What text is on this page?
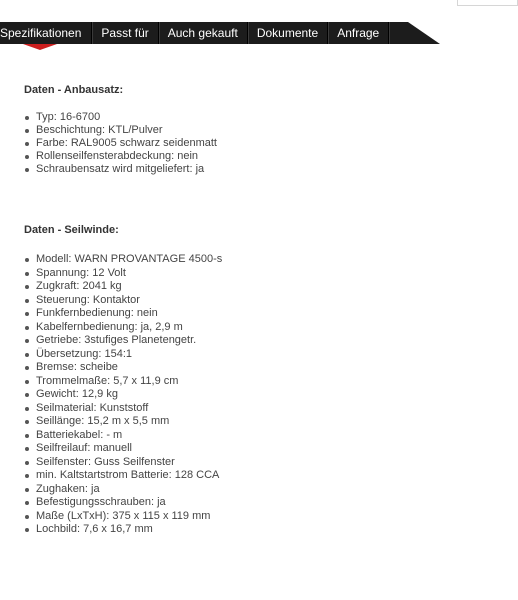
Spezifikationen	Passt für	Auch gekauft	Dokumente	Anfrage
Daten - Anbausatz:
Typ: 16-6700
Beschichtung: KTL/Pulver
Farbe: RAL9005 schwarz seidenmatt
Rollenseilfensterabdeckung: nein
Schraubensatz wird mitgeliefert: ja
Daten - Seilwinde:
Modell: WARN PROVANTAGE 4500-s
Spannung: 12 Volt
Zugkraft: 2041 kg
Steuerung: Kontaktor
Funkfernbedienung: nein
Kabelfernbedienung: ja, 2,9 m
Getriebe: 3stufiges Planetengetr.
Übersetzung: 154:1
Bremse: scheibe
Trommelmaße: 5,7 x 11,9 cm
Gewicht: 12,9 kg
Seilmaterial: Kunststoff
Seillänge: 15,2 m x 5,5 mm
Batteriekabel: - m
Seilfreilauf: manuell
Seilfenster: Guss Seilfenster
min. Kaltstartstrom Batterie: 128 CCA
Zughaken: ja
Befestigungsschrauben: ja
Maße (LxTxH): 375 x 115 x 119 mm
Lochbild: 7,6 x 16,7 mm
